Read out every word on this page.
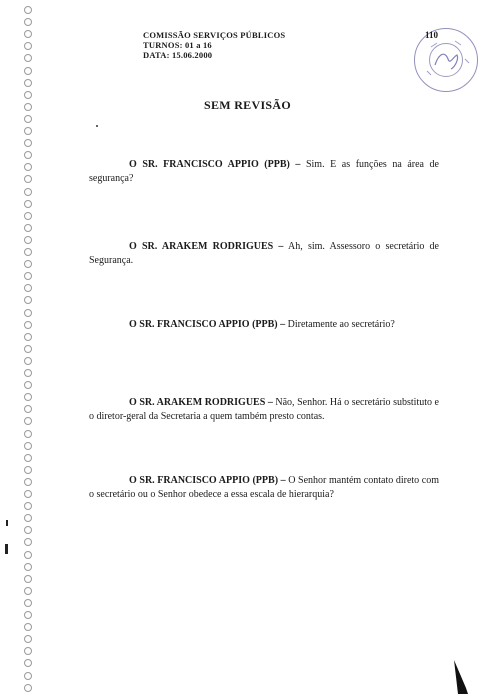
COMISSÃO SERVIÇOS PÚBLICOS
TURNOS: 01 a 16
DATA: 15.06.2000
110
SEM REVISÃO
O SR. FRANCISCO APPIO (PPB) – Sim. E as funções na área de segurança?
O SR. ARAKEM RODRIGUES – Ah, sim. Assessoro o secretário de Segurança.
O SR. FRANCISCO APPIO (PPB) – Diretamente ao secretário?
O SR. ARAKEM RODRIGUES – Não, Senhor. Há o secretário substituto e o diretor-geral da Secretaria a quem também presto contas.
O SR. FRANCISCO APPIO (PPB) – O Senhor mantém contato direto com o secretário ou o Senhor obedece a essa escala de hierarquia?
